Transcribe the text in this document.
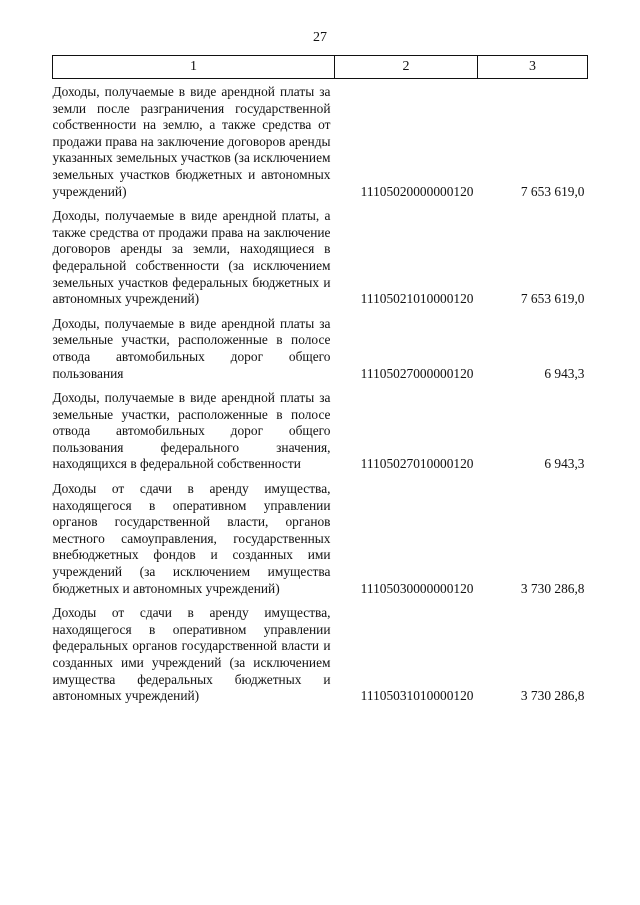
27
1	2	3
Доходы, получаемые в виде арендной платы за земли после разграничения государственной собственности на землю, а также средства от продажи права на заключение договоров аренды указанных земельных участков (за исключением земельных участков бюджетных и автономных учреждений)	11105020000000120	7 653 619,0
Доходы, получаемые в виде арендной платы, а также средства от продажи права на заключение договоров аренды за земли, находящиеся в федеральной собственности (за исключением земельных участков федеральных бюджетных и автономных учреждений)	11105021010000120	7 653 619,0
Доходы, получаемые в виде арендной платы за земельные участки, расположенные в полосе отвода автомобильных дорог общего пользования	11105027000000120	6 943,3
Доходы, получаемые в виде арендной платы за земельные участки, расположенные в полосе отвода автомобильных дорог общего пользования федерального значения, находящихся в федеральной собственности	11105027010000120	6 943,3
Доходы от сдачи в аренду имущества, находящегося в оперативном управлении органов государственной власти, органов местного самоуправления, государственных внебюджетных фондов и созданных ими учреждений (за исключением имущества бюджетных и автономных учреждений)	11105030000000120	3 730 286,8
Доходы от сдачи в аренду имущества, находящегося в оперативном управлении федеральных органов государственной власти и созданных ими учреждений (за исключением имущества федеральных бюджетных и автономных учреждений)	11105031010000120	3 730 286,8
